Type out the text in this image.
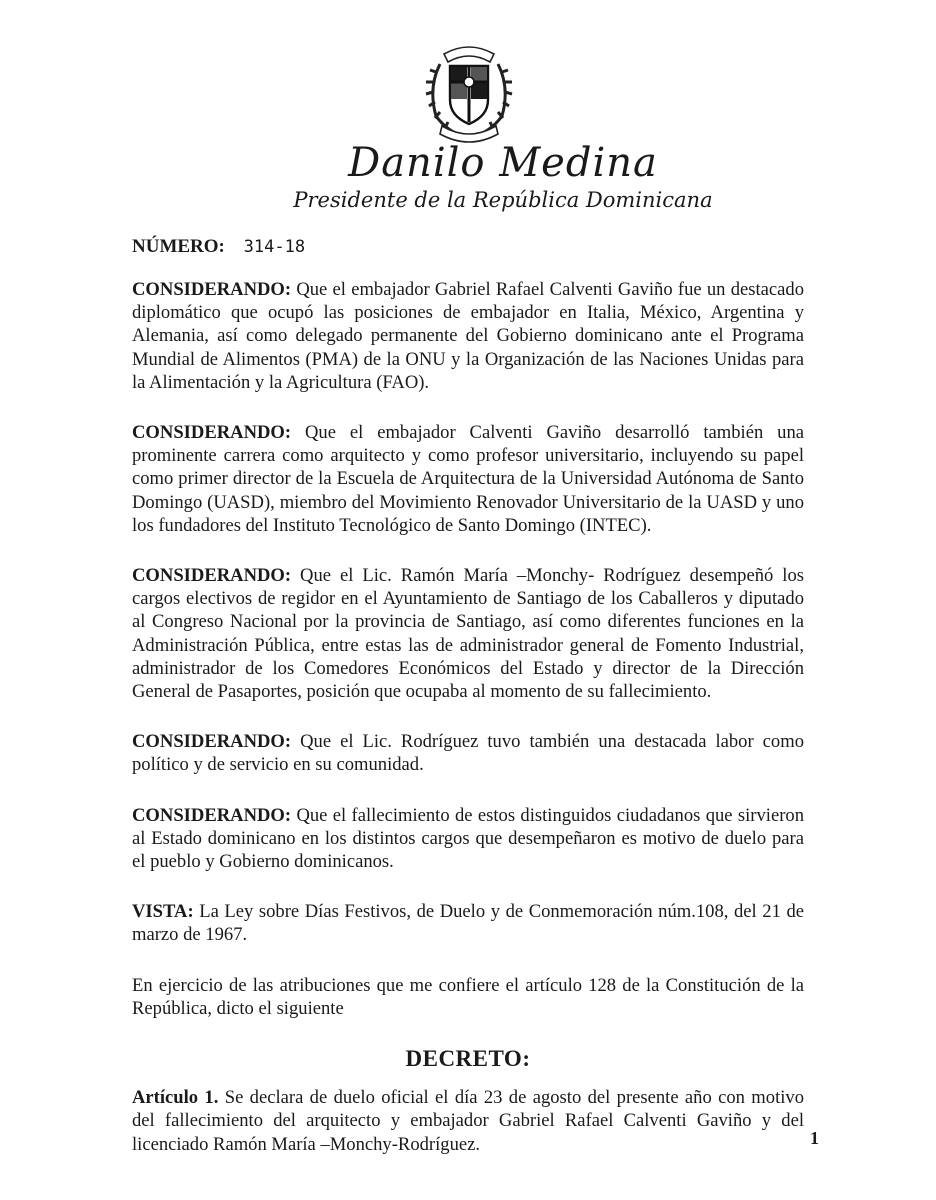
Danilo Medina
Presidente de la República Dominicana
NÚMERO: 314-18

CONSIDERANDO: Que el embajador Gabriel Rafael Calventi Gaviño fue un destacado diplomático que ocupó las posiciones de embajador en Italia, México, Argentina y Alemania, así como delegado permanente del Gobierno dominicano ante el Programa Mundial de Alimentos (PMA) de la ONU y la Organización de las Naciones Unidas para la Alimentación y la Agricultura (FAO).

CONSIDERANDO: Que el embajador Calventi Gaviño desarrolló también una prominente carrera como arquitecto y como profesor universitario, incluyendo su papel como primer director de la Escuela de Arquitectura de la Universidad Autónoma de Santo Domingo (UASD), miembro del Movimiento Renovador Universitario de la UASD y uno los fundadores del Instituto Tecnológico de Santo Domingo (INTEC).

CONSIDERANDO: Que el Lic. Ramón María –Monchy- Rodríguez desempeñó los cargos electivos de regidor en el Ayuntamiento de Santiago de los Caballeros y diputado al Congreso Nacional por la provincia de Santiago, así como diferentes funciones en la Administración Pública, entre estas las de administrador general de Fomento Industrial, administrador de los Comedores Económicos del Estado y director de la Dirección General de Pasaportes, posición que ocupaba al momento de su fallecimiento.

CONSIDERANDO: Que el Lic. Rodríguez tuvo también una destacada labor como político y de servicio en su comunidad.

CONSIDERANDO: Que el fallecimiento de estos distinguidos ciudadanos que sirvieron al Estado dominicano en los distintos cargos que desempeñaron es motivo de duelo para el pueblo y Gobierno dominicanos.

VISTA: La Ley sobre Días Festivos, de Duelo y de Conmemoración núm.108, del 21 de marzo de 1967.

En ejercicio de las atribuciones que me confiere el artículo 128 de la Constitución de la República, dicto el siguiente

DECRETO:

Artículo 1. Se declara de duelo oficial el día 23 de agosto del presente año con motivo del fallecimiento del arquitecto y embajador Gabriel Rafael Calventi Gaviño y del licenciado Ramón María –Monchy-Rodríguez.	1
